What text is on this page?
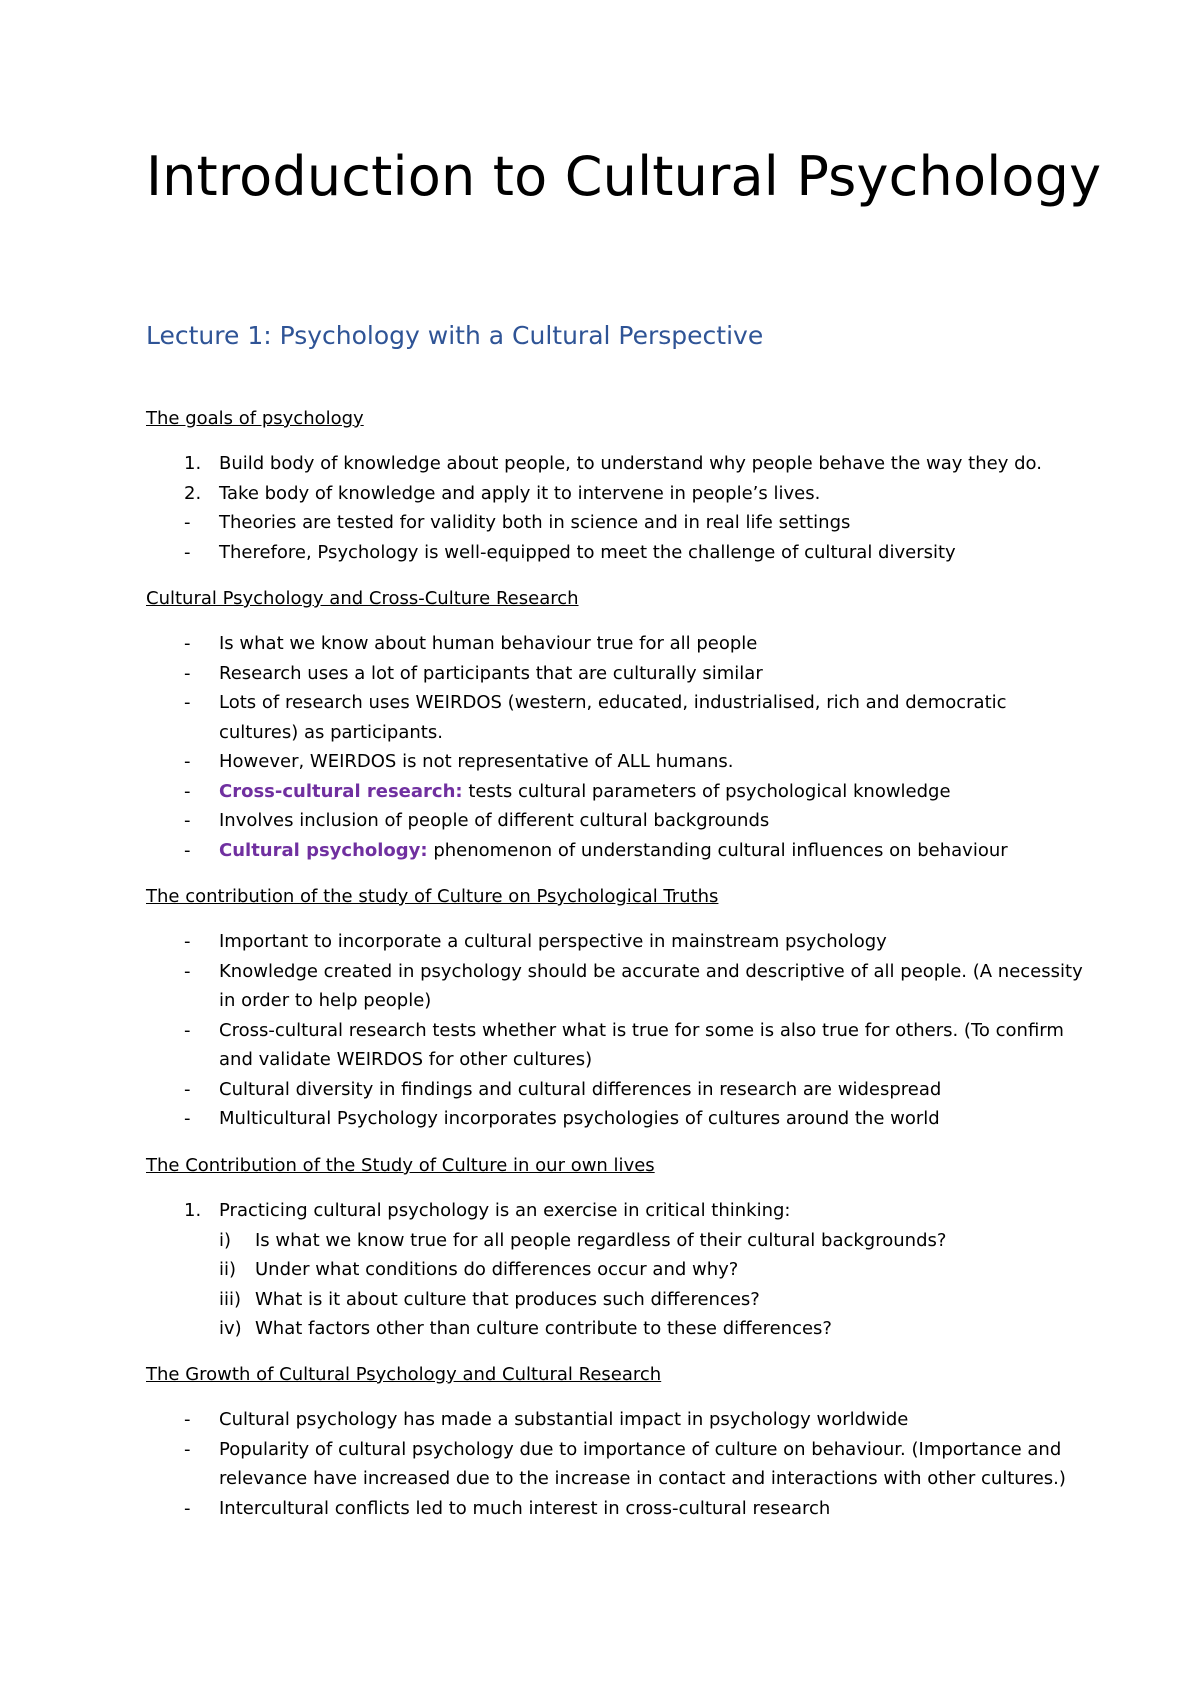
Introduction to Cultural Psychology
Lecture 1: Psychology with a Cultural Perspective
The goals of psychology
1. Build body of knowledge about people, to understand why people behave the way they do.
2. Take body of knowledge and apply it to intervene in people’s lives.
- Theories are tested for validity both in science and in real life settings
- Therefore, Psychology is well-equipped to meet the challenge of cultural diversity
Cultural Psychology and Cross-Culture Research
- Is what we know about human behaviour true for all people
- Research uses a lot of participants that are culturally similar
- Lots of research uses WEIRDOS (western, educated, industrialised, rich and democratic cultures) as participants.
- However, WEIRDOS is not representative of ALL humans.
- Cross-cultural research: tests cultural parameters of psychological knowledge
- Involves inclusion of people of different cultural backgrounds
- Cultural psychology: phenomenon of understanding cultural influences on behaviour
The contribution of the study of Culture on Psychological Truths
- Important to incorporate a cultural perspective in mainstream psychology
- Knowledge created in psychology should be accurate and descriptive of all people. (A necessity in order to help people)
- Cross-cultural research tests whether what is true for some is also true for others. (To confirm and validate WEIRDOS for other cultures)
- Cultural diversity in findings and cultural differences in research are widespread
- Multicultural Psychology incorporates psychologies of cultures around the world
The Contribution of the Study of Culture in our own lives
1. Practicing cultural psychology is an exercise in critical thinking:
i) Is what we know true for all people regardless of their cultural backgrounds?
ii) Under what conditions do differences occur and why?
iii) What is it about culture that produces such differences?
iv) What factors other than culture contribute to these differences?
The Growth of Cultural Psychology and Cultural Research
- Cultural psychology has made a substantial impact in psychology worldwide
- Popularity of cultural psychology due to importance of culture on behaviour. (Importance and relevance have increased due to the increase in contact and interactions with other cultures.)
- Intercultural conflicts led to much interest in cross-cultural research
